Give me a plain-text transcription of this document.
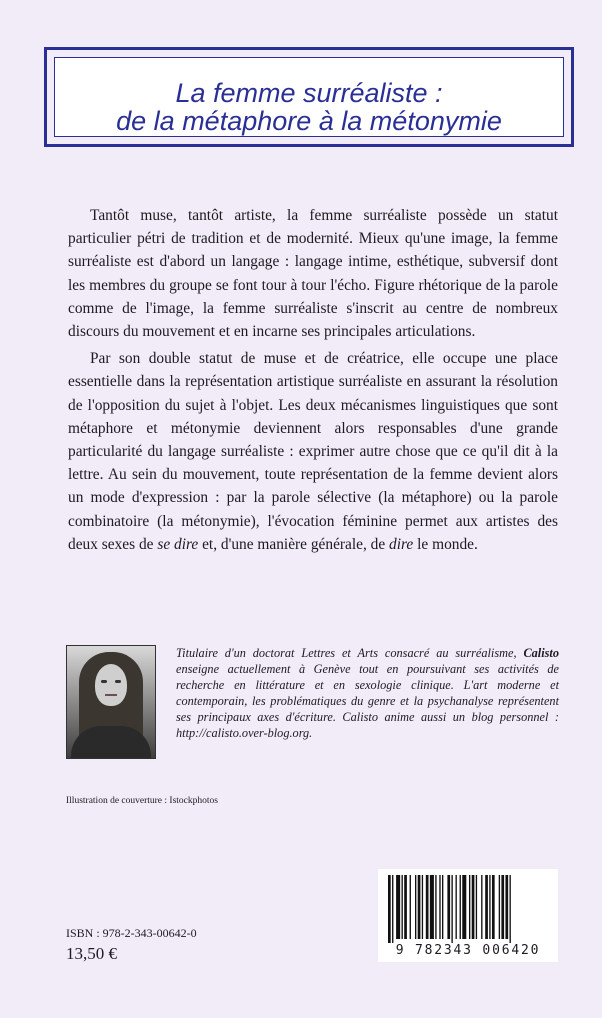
La femme surréaliste :
de la métaphore à la métonymie

Tantôt muse, tantôt artiste, la femme surréaliste possède un statut particulier pétri de tradition et de modernité. Mieux qu'une image, la femme surréaliste est d'abord un langage : langage intime, esthétique, subversif dont les membres du groupe se font tour à tour l'écho. Figure rhétorique de la parole comme de l'image, la femme surréaliste s'inscrit au centre de nombreux discours du mouvement et en incarne ses principales articulations.

Par son double statut de muse et de créatrice, elle occupe une place essentielle dans la représentation artistique surréaliste en assurant la résolution de l'opposition du sujet à l'objet. Les deux mécanismes linguistiques que sont métaphore et métonymie deviennent alors responsables d'une grande particularité du langage surréaliste : exprimer autre chose que ce qu'il dit à la lettre. Au sein du mouvement, toute représentation de la femme devient alors un mode d'expression : par la parole sélective (la métaphore) ou la parole combinatoire (la métonymie), l'évocation féminine permet aux artistes des deux sexes de se dire et, d'une manière générale, de dire le monde.

Titulaire d'un doctorat Lettres et Arts consacré au surréalisme, Calisto enseigne actuellement à Genève tout en poursuivant ses activités de recherche en littérature et en sexologie clinique. L'art moderne et contemporain, les problématiques du genre et la psychanalyse représentent ses principaux axes d'écriture. Calisto anime aussi un blog personnel : http://calisto.over-blog.org.
Illustration de couverture : Istockphotos
9 782343 006420
ISBN : 978-2-343-00642-0
13,50 €
